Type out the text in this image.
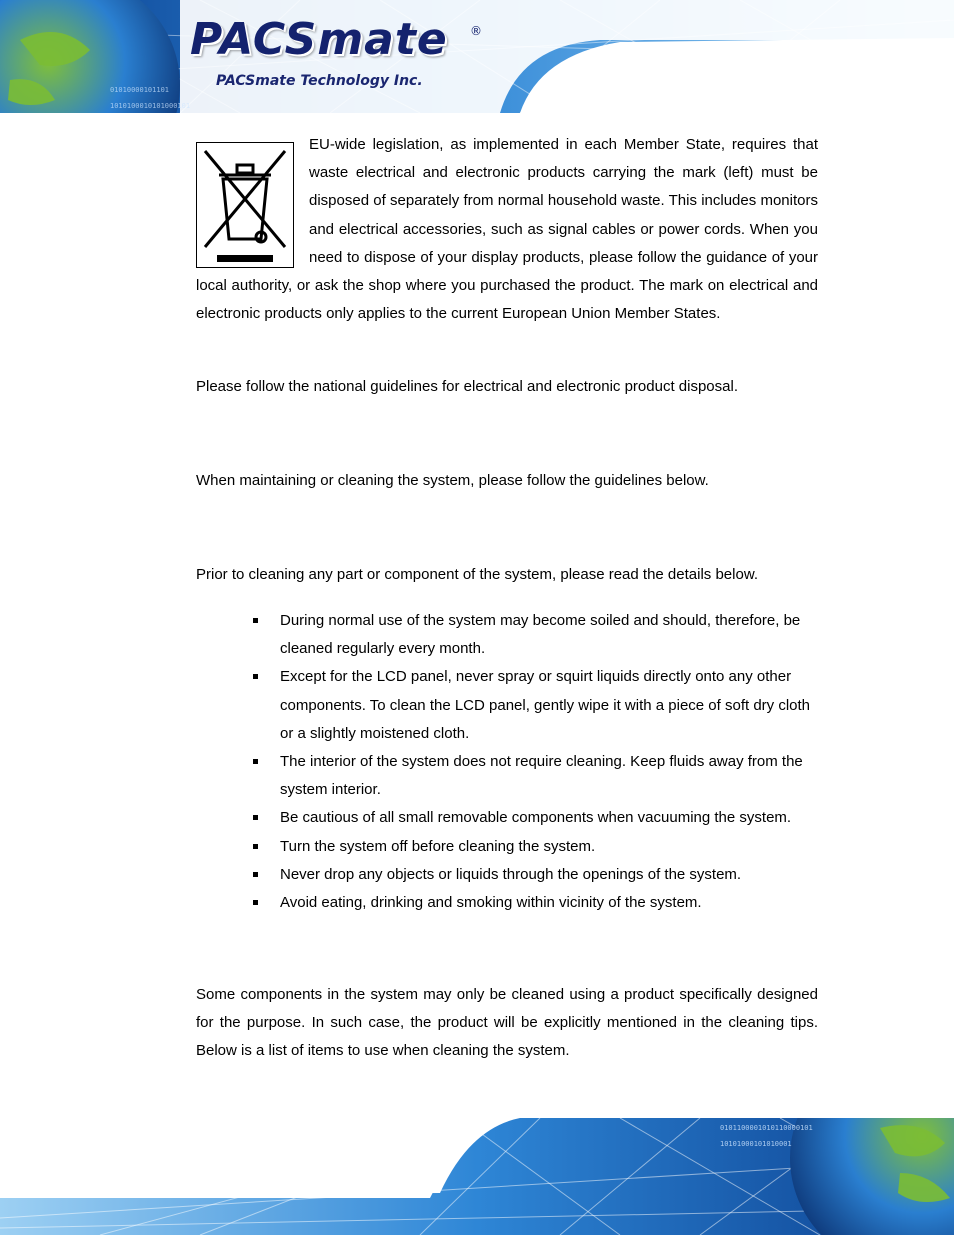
01010000101101
1010100010101000101
PACSmate ®
PACSmate Technology Inc.

EU-wide legislation, as implemented in each Member State, requires that waste electrical and electronic products carrying the mark (left) must be disposed of separately from normal household waste. This includes monitors and electrical accessories, such as signal cables or power cords. When you need to dispose of your display products, please follow the guidance of your local authority, or ask the shop where you purchased the product. The mark on electrical and electronic products only applies to the current European Union Member States.

Please follow the national guidelines for electrical and electronic product disposal.

When maintaining or cleaning the system, please follow the guidelines below.

Prior to cleaning any part or component of the system, please read the details below.

During normal use of the system may become soiled and should, therefore, be cleaned regularly every month.
Except for the LCD panel, never spray or squirt liquids directly onto any other components. To clean the LCD panel, gently wipe it with a piece of soft dry cloth or a slightly moistened cloth.
The interior of the system does not require cleaning. Keep fluids away from the system interior.
Be cautious of all small removable components when vacuuming the system.
Turn the system off before cleaning the system.
Never drop any objects or liquids through the openings of the system.
Avoid eating, drinking and smoking within vicinity of the system.

Some components in the system may only be cleaned using a product specifically designed for the purpose. In such case, the product will be explicitly mentioned in the cleaning tips. Below is a list of items to use when cleaning the system.

0101100001010110000101
10101000101010001
